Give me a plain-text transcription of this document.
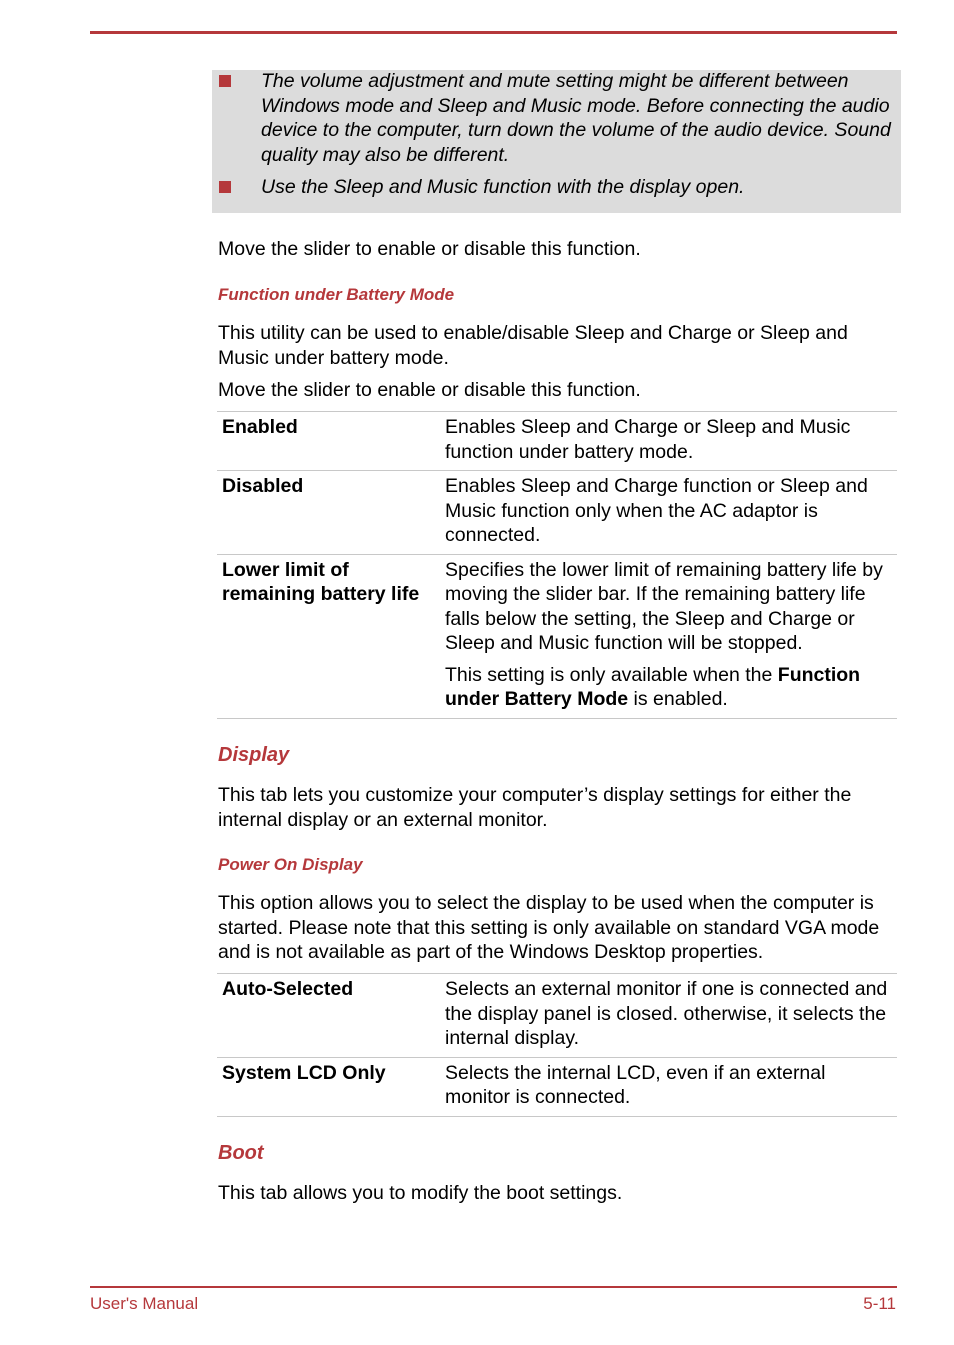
The volume adjustment and mute setting might be different between Windows mode and Sleep and Music mode. Before connecting the audio device to the computer, turn down the volume of the audio device. Sound quality may also be different.
Use the Sleep and Music function with the display open.
Move the slider to enable or disable this function.
Function under Battery Mode
This utility can be used to enable/disable Sleep and Charge or Sleep and Music under battery mode.
Move the slider to enable or disable this function.
Enabled	Enables Sleep and Charge or Sleep and Music function under battery mode.
Disabled	Enables Sleep and Charge function or Sleep and Music function only when the AC adaptor is connected.
Lower limit of remaining battery life	Specifies the lower limit of remaining battery life by moving the slider bar. If the remaining battery life falls below the setting, the Sleep and Charge or Sleep and Music function will be stopped.

This setting is only available when the Function under Battery Mode is enabled.

Display
This tab lets you customize your computer’s display settings for either the internal display or an external monitor.
Power On Display
This option allows you to select the display to be used when the computer is started. Please note that this setting is only available on standard VGA mode and is not available as part of the Windows Desktop properties.
Auto-Selected	Selects an external monitor if one is connected and the display panel is closed. otherwise, it selects the internal display.
System LCD Only	Selects the internal LCD, even if an external monitor is connected.
Boot
This tab allows you to modify the boot settings.
User's Manual	5-11
